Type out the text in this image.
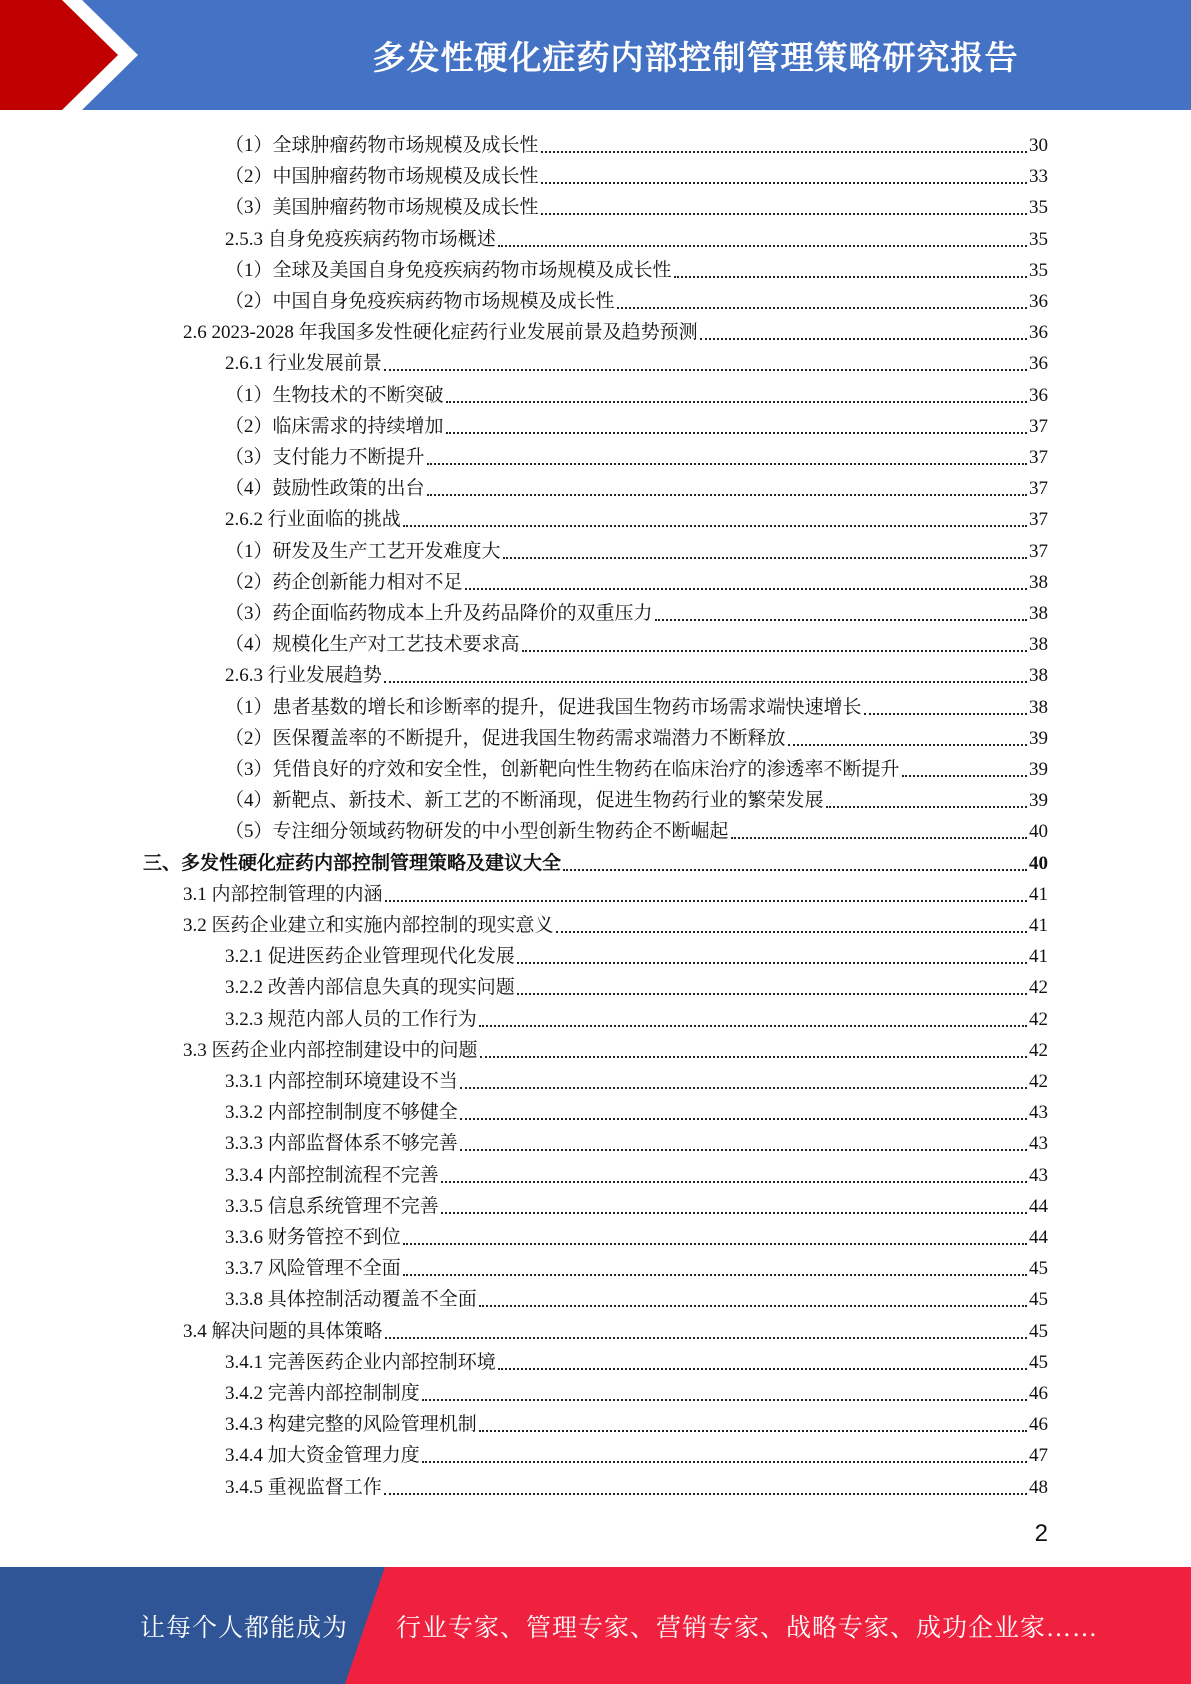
多发性硬化症药内部控制管理策略研究报告
（1）全球肿瘤药物市场规模及成长性	30
（2）中国肿瘤药物市场规模及成长性	33
（3）美国肿瘤药物市场规模及成长性	35
2.5.3 自身免疫疾病药物市场概述	35
（1）全球及美国自身免疫疾病药物市场规模及成长性	35
（2）中国自身免疫疾病药物市场规模及成长性	36
2.6 2023-2028 年我国多发性硬化症药行业发展前景及趋势预测	36
2.6.1 行业发展前景	36
（1）生物技术的不断突破	36
（2）临床需求的持续增加	37
（3）支付能力不断提升	37
（4）鼓励性政策的出台	37
2.6.2 行业面临的挑战	37
（1）研发及生产工艺开发难度大	37
（2）药企创新能力相对不足	38
（3）药企面临药物成本上升及药品降价的双重压力	38
（4）规模化生产对工艺技术要求高	38
2.6.3 行业发展趋势	38
（1）患者基数的增长和诊断率的提升，促进我国生物药市场需求端快速增长	38
（2）医保覆盖率的不断提升，促进我国生物药需求端潜力不断释放	39
（3）凭借良好的疗效和安全性，创新靶向性生物药在临床治疗的渗透率不断提升	39
（4）新靶点、新技术、新工艺的不断涌现，促进生物药行业的繁荣发展	39
（5）专注细分领域药物研发的中小型创新生物药企不断崛起	40
三、多发性硬化症药内部控制管理策略及建议大全	40
3.1 内部控制管理的内涵	41
3.2 医药企业建立和实施内部控制的现实意义	41
3.2.1 促进医药企业管理现代化发展	41
3.2.2 改善内部信息失真的现实问题	42
3.2.3 规范内部人员的工作行为	42
3.3 医药企业内部控制建设中的问题	42
3.3.1 内部控制环境建设不当	42
3.3.2 内部控制制度不够健全	43
3.3.3 内部监督体系不够完善	43
3.3.4 内部控制流程不完善	43
3.3.5 信息系统管理不完善	44
3.3.6 财务管控不到位	44
3.3.7 风险管理不全面	45
3.3.8 具体控制活动覆盖不全面	45
3.4 解决问题的具体策略	45
3.4.1 完善医药企业内部控制环境	45
3.4.2 完善内部控制制度	46
3.4.3 构建完整的风险管理机制	46
3.4.4 加大资金管理力度	47
3.4.5 重视监督工作	48
2
让每个人都能成为 行业专家、管理专家、营销专家、战略专家、成功企业家……
